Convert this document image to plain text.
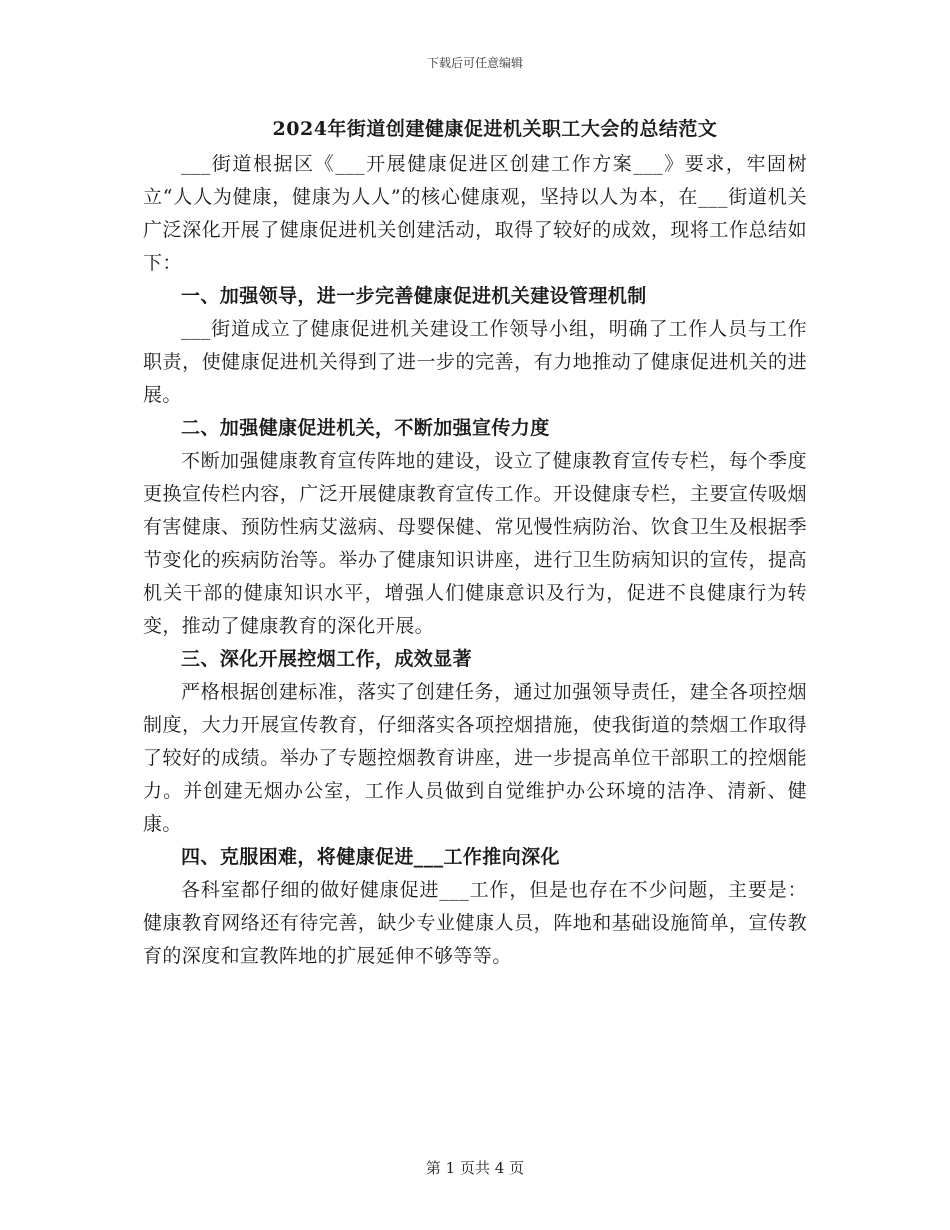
下载后可任意编辑
2024年街道创建健康促进机关职工大会的总结范文

___街道根据区《___开展健康促进区创建工作方案___》要求，牢固树立“人人为健康，健康为人人”的核心健康观，坚持以人为本，在___街道机关广泛深化开展了健康促进机关创建活动，取得了较好的成效，现将工作总结如下：

一、加强领导，进一步完善健康促进机关建设管理机制

___街道成立了健康促进机关建设工作领导小组，明确了工作人员与工作职责，使健康促进机关得到了进一步的完善，有力地推动了健康促进机关的进展。

二、加强健康促进机关，不断加强宣传力度

不断加强健康教育宣传阵地的建设，设立了健康教育宣传专栏，每个季度更换宣传栏内容，广泛开展健康教育宣传工作。开设健康专栏，主要宣传吸烟有害健康、预防性病艾滋病、母婴保健、常见慢性病防治、饮食卫生及根据季节变化的疾病防治等。举办了健康知识讲座，进行卫生防病知识的宣传，提高机关干部的健康知识水平，增强人们健康意识及行为，促进不良健康行为转变，推动了健康教育的深化开展。

三、深化开展控烟工作，成效显著

严格根据创建标准，落实了创建任务，通过加强领导责任，建全各项控烟制度，大力开展宣传教育，仔细落实各项控烟措施，使我街道的禁烟工作取得了较好的成绩。举办了专题控烟教育讲座，进一步提高单位干部职工的控烟能力。并创建无烟办公室，工作人员做到自觉维护办公环境的洁净、清新、健康。

四、克服困难，将健康促进___工作推向深化

各科室都仔细的做好健康促进___工作，但是也存在不少问题，主要是：健康教育网络还有待完善，缺少专业健康人员，阵地和基础设施简单，宣传教育的深度和宣教阵地的扩展延伸不够等等。

第 1 页共 4 页
